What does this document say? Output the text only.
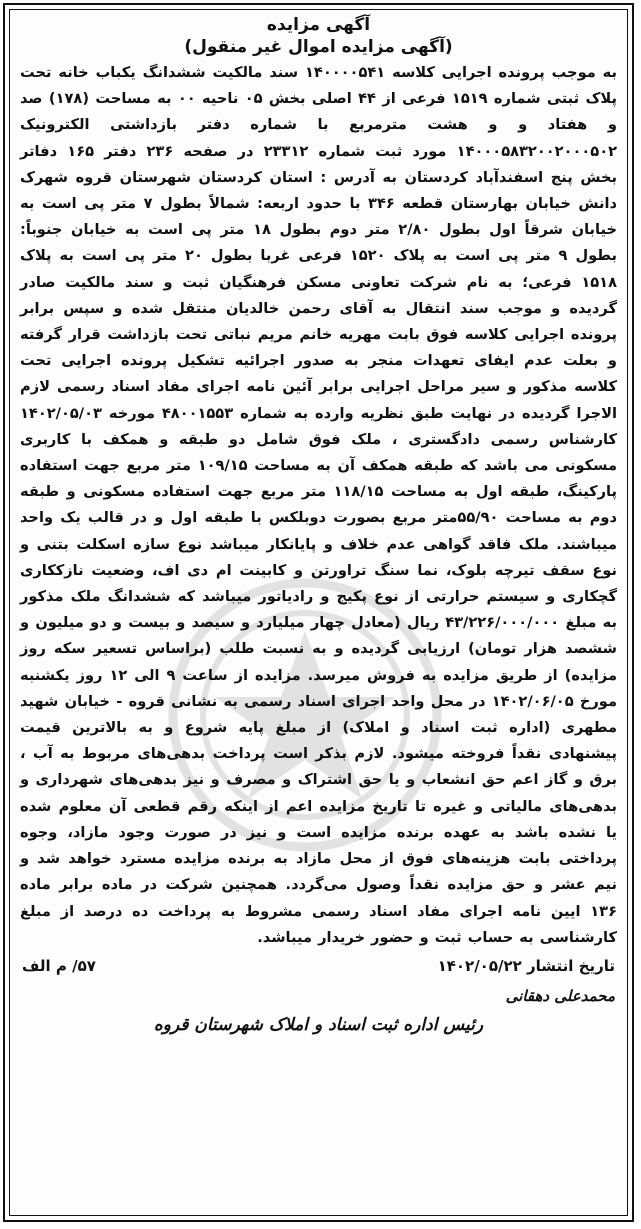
آگهی مزایده
(آگهی مزایده اموال غیر منقول)

به موجب پرونده اجرایی کلاسه ۱۴۰۰۰۰۵۴۱ سند مالکیت ششدانگ یکباب خانه تحت پلاک ثبتی شماره ۱۵۱۹ فرعی از ۴۴ اصلی بخش ۰۵ ناحیه ۰۰ به مساحت (۱۷۸) صد و هفتاد و و هشت مترمربع با شماره دفتر بازداشتی الکترونیک ۱۴۰۰۰۵۸۳۲۰۰۲۰۰۰۵۰۲ مورد ثبت شماره ۲۳۳۱۲ در صفحه ۲۳۶ دفتر ۱۶۵ دفاتر بخش پنج اسفندآباد کردستان به آدرس : استان کردستان شهرستان قروه شهرک دانش خیابان بهارستان قطعه ۳۴۶ با حدود اربعه: شمالاً بطول ۷ متر پی است به خیابان شرقاً اول بطول ۲/۸۰ متر دوم بطول ۱۸ متر پی است به خیابان جنوباً: بطول ۹ متر پی است به پلاک ۱۵۲۰ فرعی غربا بطول ۲۰ متر پی است به پلاک ۱۵۱۸ فرعی؛ به نام شرکت تعاونی مسکن فرهنگیان ثبت و سند مالکیت صادر گردیده و موجب سند انتقال به آقای رحمن خالدیان منتقل شده و سپس برابر پرونده اجرایی کلاسه فوق بابت مهریه خانم مریم نباتی تحت بازداشت قرار گرفته و بعلت عدم ایفای تعهدات منجر به صدور اجرائیه تشکیل پرونده اجرایی تحت کلاسه مذکور و سیر مراحل اجرایی برابر آئین نامه اجرای مفاد اسناد رسمی لازم الاجرا گردیده در نهایت طبق نظریه وارده به شماره ۴۸۰۰۱۵۵۳ مورخه ۱۴۰۲/۰۵/۰۳ کارشناس رسمی دادگستری ، ملک فوق شامل دو طبقه و همکف با کاربری مسکونی می باشد که طبقه همکف آن به مساحت ۱۰۹/۱۵ متر مربع جهت استفاده پارکینگ، طبقه اول به مساحت ۱۱۸/۱۵ متر مربع جهت استفاده مسکونی و طبقه دوم به مساحت ۵۵/۹۰متر مربع بصورت دوبلکس با طبقه اول و در قالب یک واحد میباشند. ملک فاقد گواهی عدم خلاف و پایانکار میباشد نوع سازه اسکلت بتنی و نوع سقف تیرچه بلوک، نما سنگ تراورتن و کابینت ام دی اف، وضعیت نازککاری گچکاری و سیستم حرارتی از نوع پکیج و رادیاتور میباشد که ششدانگ ملک مذکور به مبلغ ۴۳/۲۲۶/۰۰۰/۰۰۰ ریال (معادل چهار میلیارد و سیصد و بیست و دو میلیون و ششصد هزار تومان) ارزیابی گردیده و به نسبت طلب (براساس تسعیر سکه روز مزایده) از طریق مزایده به فروش میرسد. مزایده از ساعت ۹ الی ۱۲ روز یکشنبه مورخ ۱۴۰۲/۰۶/۰۵ در محل واحد اجرای اسناد رسمی به نشانی قروه - خیابان شهید مطهری (اداره ثبت اسناد و املاک) از مبلغ پایه شروع و به بالاترین قیمت پیشنهادی نقداً فروخته میشود. لازم بذکر است پرداخت بدهی‌های مربوط به آب ، برق و گاز اعم حق انشعاب و یا حق اشتراک و مصرف و نیز بدهی‌های شهرداری و بدهی‌های مالیاتی و غیره تا تاریخ مزایده اعم از اینکه رقم قطعی آن معلوم شده یا نشده باشد به عهده برنده مزایده است و نیز در صورت وجود مازاد، وجوه پرداختی بابت هزینه‌های فوق از محل مازاد به برنده مزایده مسترد خواهد شد و نیم عشر و حق مزایده نقداً وصول می‌گردد. همچنین شرکت در ماده برابر ماده ۱۳۶ ایین نامه اجرای مفاد اسناد رسمی مشروط به پرداخت ده درصد از مبلغ کارشناسی به حساب ثبت و حضور خریدار میباشد.

تاریخ انتشار ۱۴۰۲/۰۵/۲۲
۵۷/ م الف
محمدعلی دهقانی
رئیس اداره ثبت اسناد و املاک شهرستان قروه
